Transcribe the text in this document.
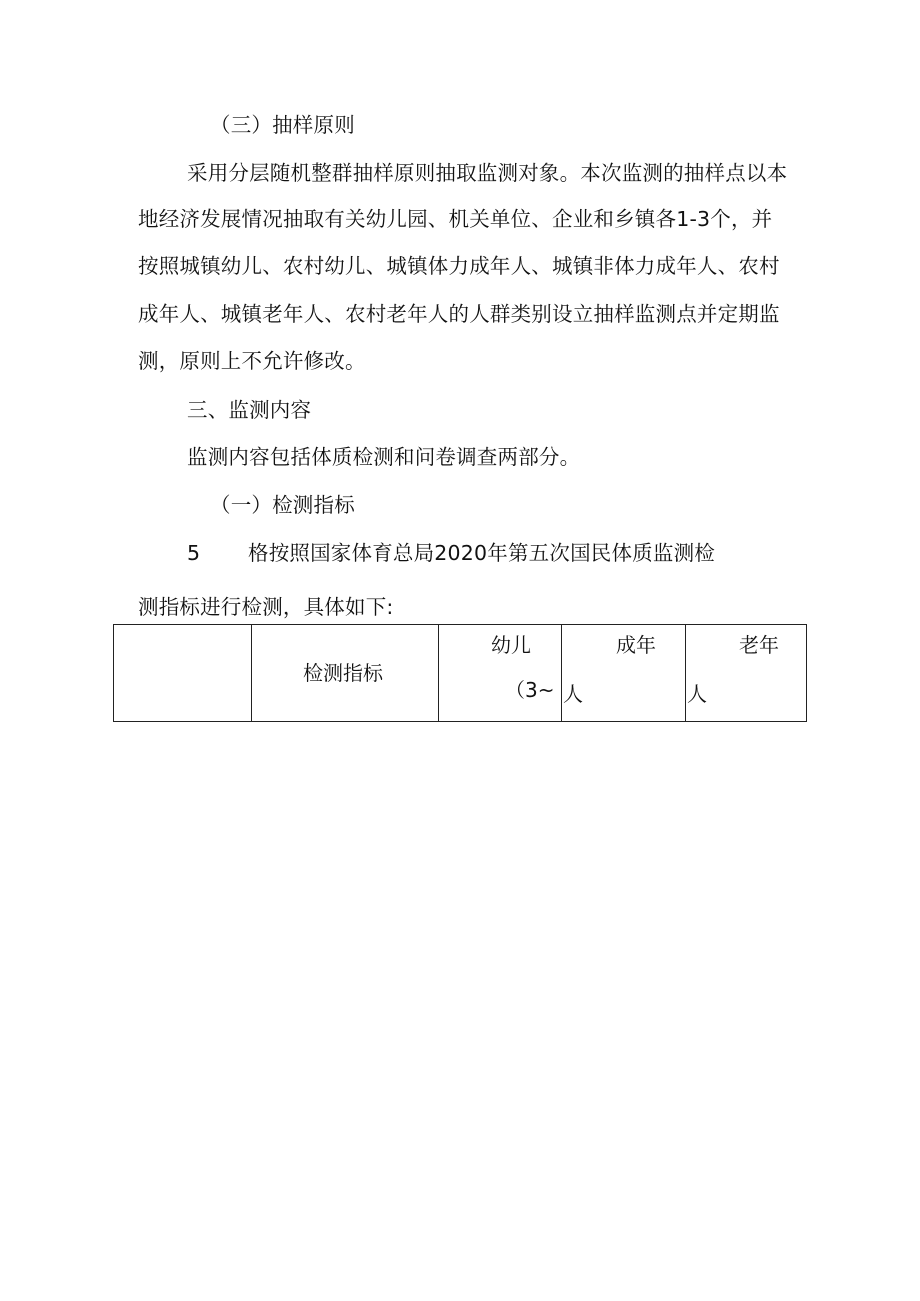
（三）抽样原则
采用分层随机整群抽样原则抽取监测对象。本次监测的抽样点以本
地经济发展情况抽取有关幼儿园、机关单位、企业和乡镇各1-3个，并
按照城镇幼儿、农村幼儿、城镇体力成年人、城镇非体力成年人、农村
成年人、城镇老年人、农村老年人的人群类别设立抽样监测点并定期监
测，原则上不允许修改。
三、监测内容
监测内容包括体质检测和问卷调查两部分。
（一）检测指标
5 格按照国家体育总局2020年第五次国民体质监测检
测指标进行检测，具体如下:
检测指标
幼儿
（3~
成年
人
老年
人
